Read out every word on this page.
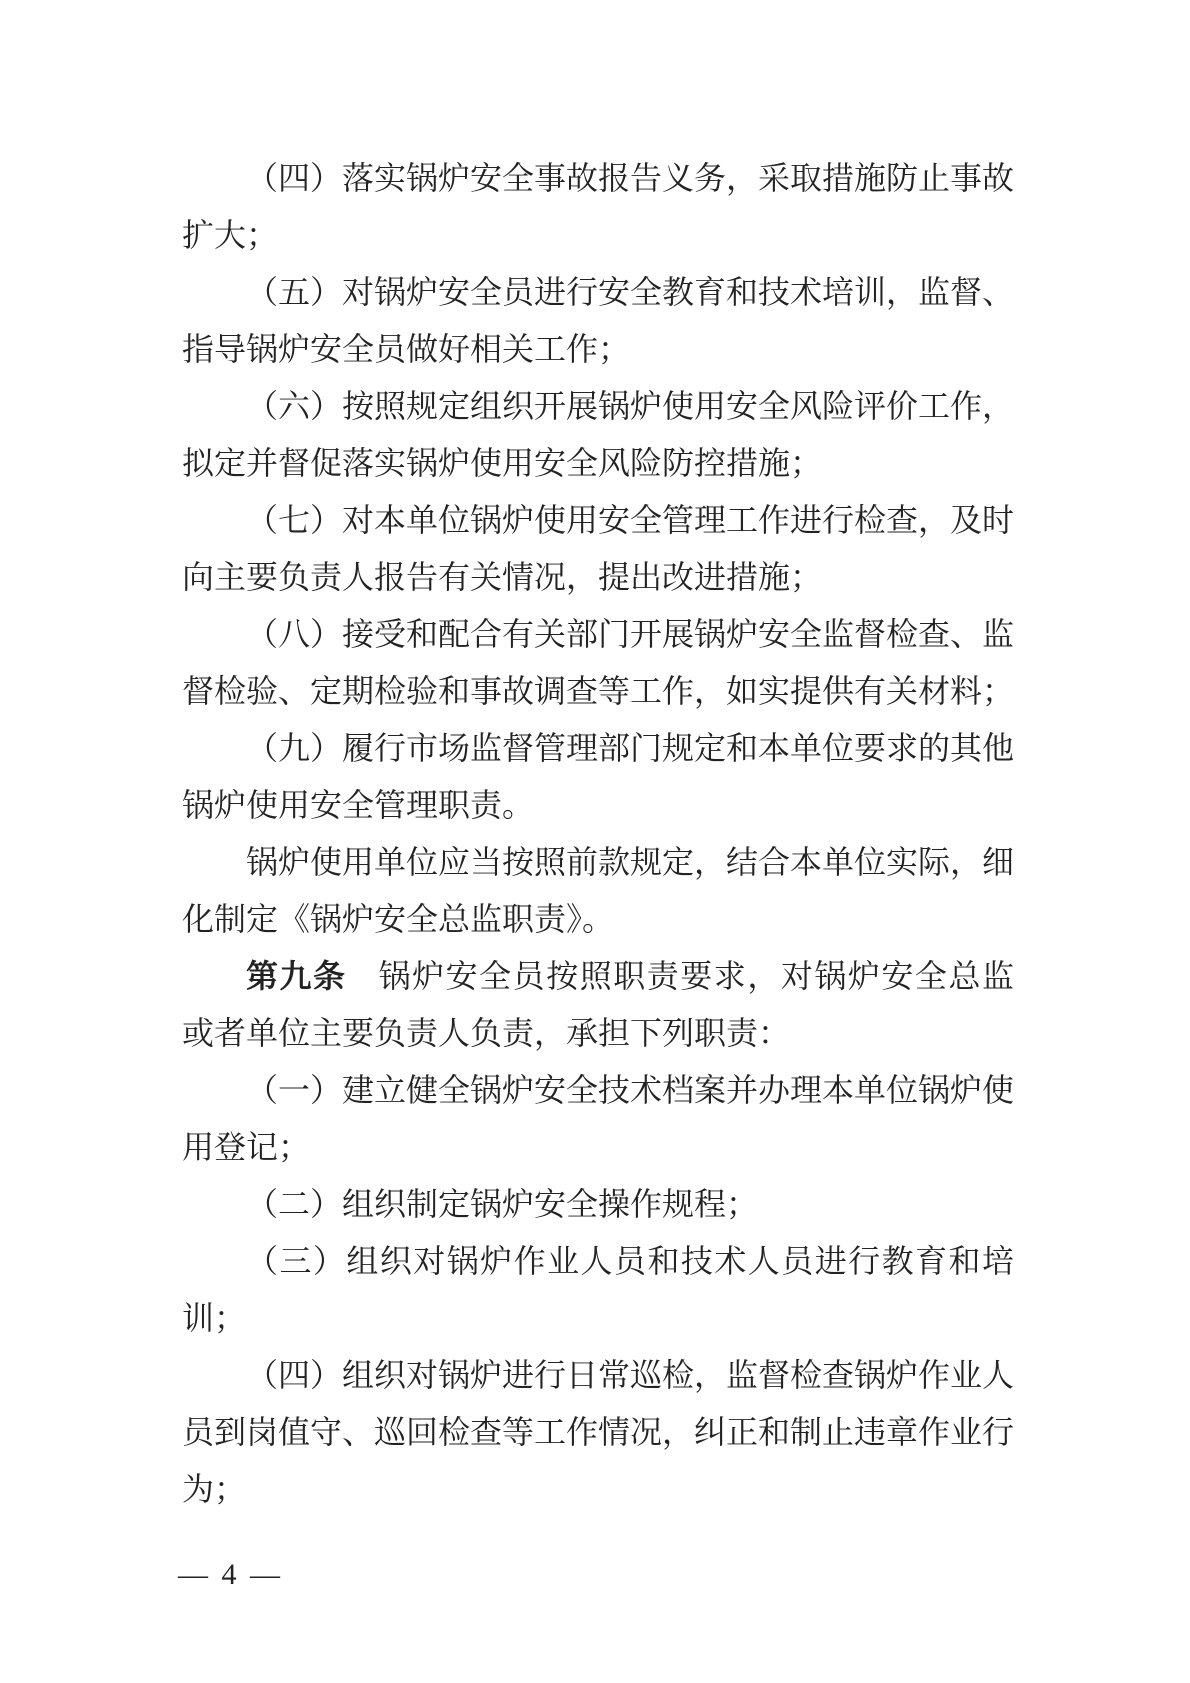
（四）落实锅炉安全事故报告义务，采取措施防止事故扩大；

（五）对锅炉安全员进行安全教育和技术培训，监督、指导锅炉安全员做好相关工作；

（六）按照规定组织开展锅炉使用安全风险评价工作，拟定并督促落实锅炉使用安全风险防控措施；

（七）对本单位锅炉使用安全管理工作进行检查，及时向主要负责人报告有关情况，提出改进措施；

（八）接受和配合有关部门开展锅炉安全监督检查、监督检验、定期检验和事故调查等工作，如实提供有关材料；

（九）履行市场监督管理部门规定和本单位要求的其他锅炉使用安全管理职责。

锅炉使用单位应当按照前款规定，结合本单位实际，细化制定《锅炉安全总监职责》。

第九条 锅炉安全员按照职责要求，对锅炉安全总监或者单位主要负责人负责，承担下列职责：

（一）建立健全锅炉安全技术档案并办理本单位锅炉使用登记；

（二）组织制定锅炉安全操作规程；

（三）组织对锅炉作业人员和技术人员进行教育和培训；

（四）组织对锅炉进行日常巡检，监督检查锅炉作业人员到岗值守、巡回检查等工作情况，纠正和制止违章作业行为；

— 4 —
